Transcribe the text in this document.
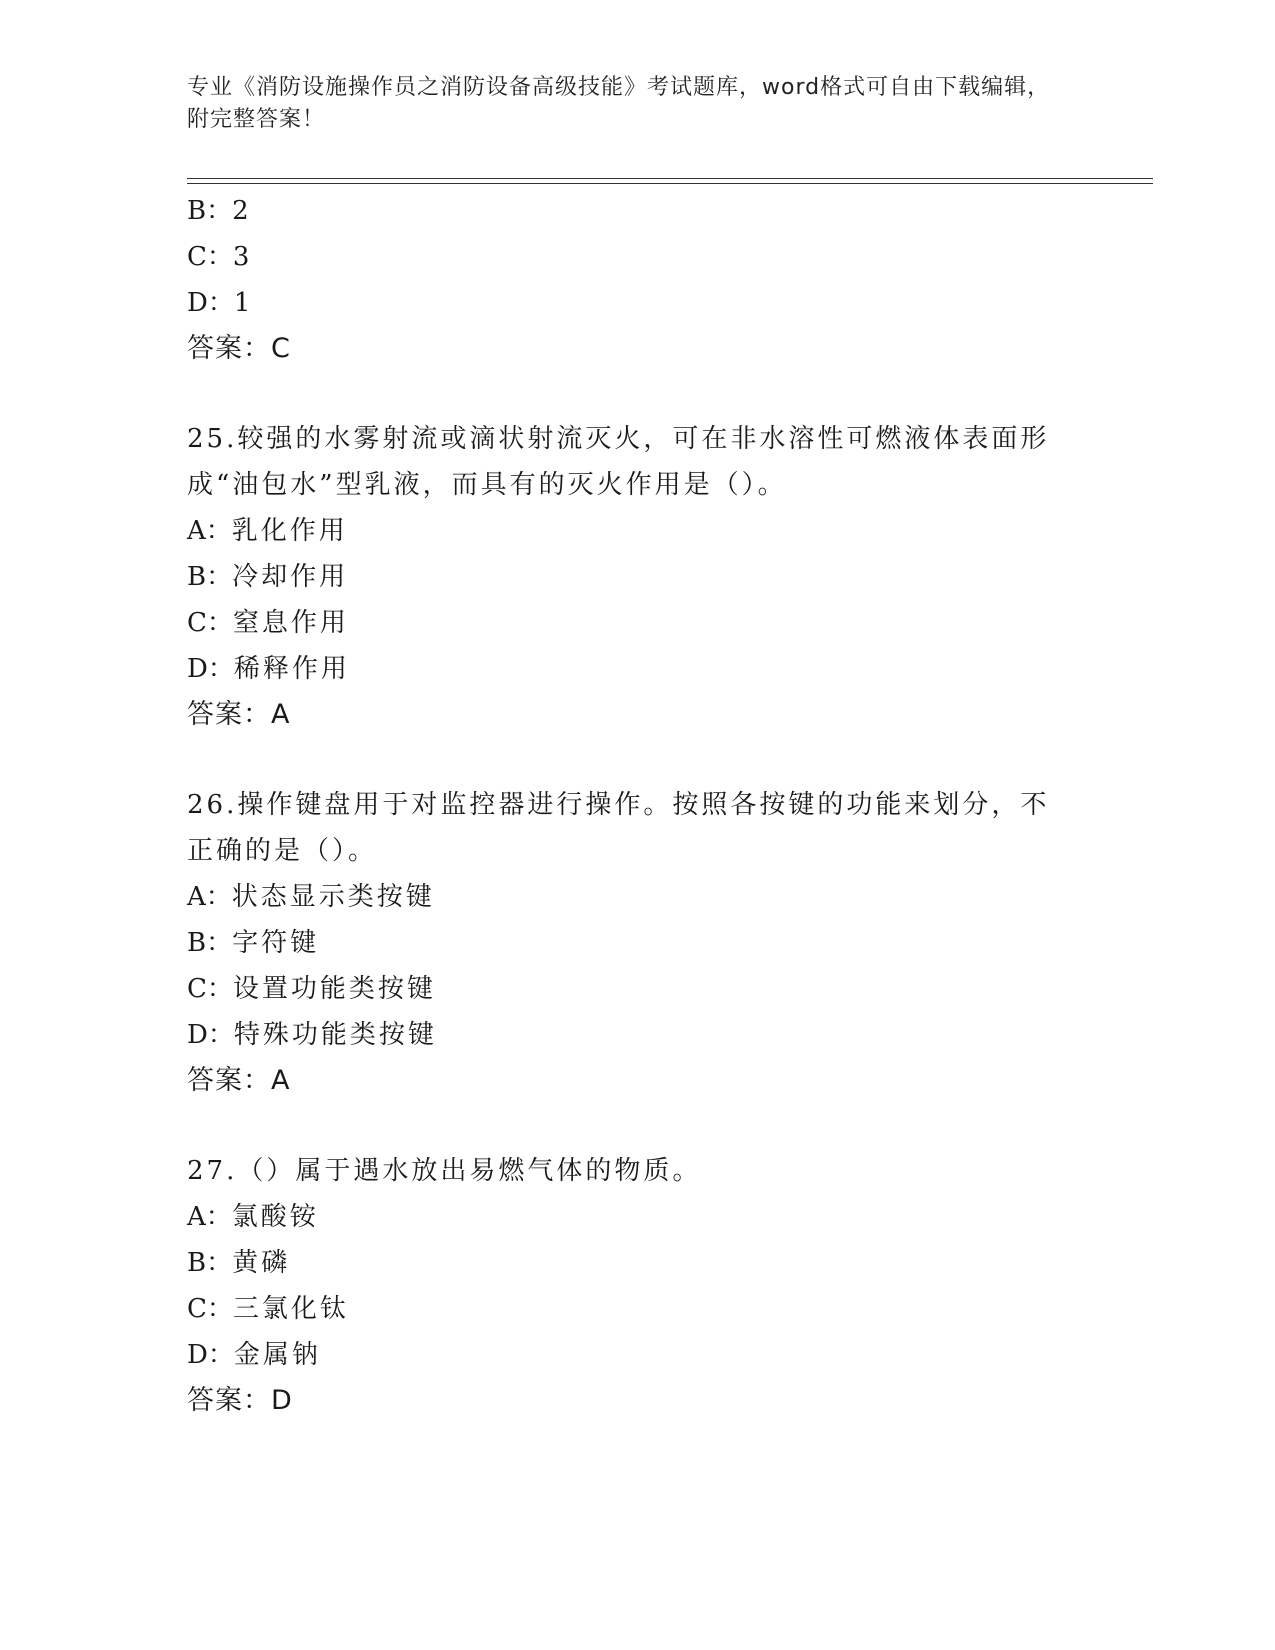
专业《消防设施操作员之消防设备高级技能》考试题库，word格式可自由下载编辑，附完整答案！
B：2
C：3
D：1
答案：C
25.较强的水雾射流或滴状射流灭火，可在非水溶性可燃液体表面形成“油包水”型乳液，而具有的灭火作用是（）。
A：乳化作用
B：冷却作用
C：窒息作用
D：稀释作用
答案：A
26.操作键盘用于对监控器进行操作。按照各按键的功能来划分，不正确的是（）。
A：状态显示类按键
B：字符键
C：设置功能类按键
D：特殊功能类按键
答案：A
27.（）属于遇水放出易燃气体的物质。
A：氯酸铵
B：黄磷
C：三氯化钛
D：金属钠
答案：D
